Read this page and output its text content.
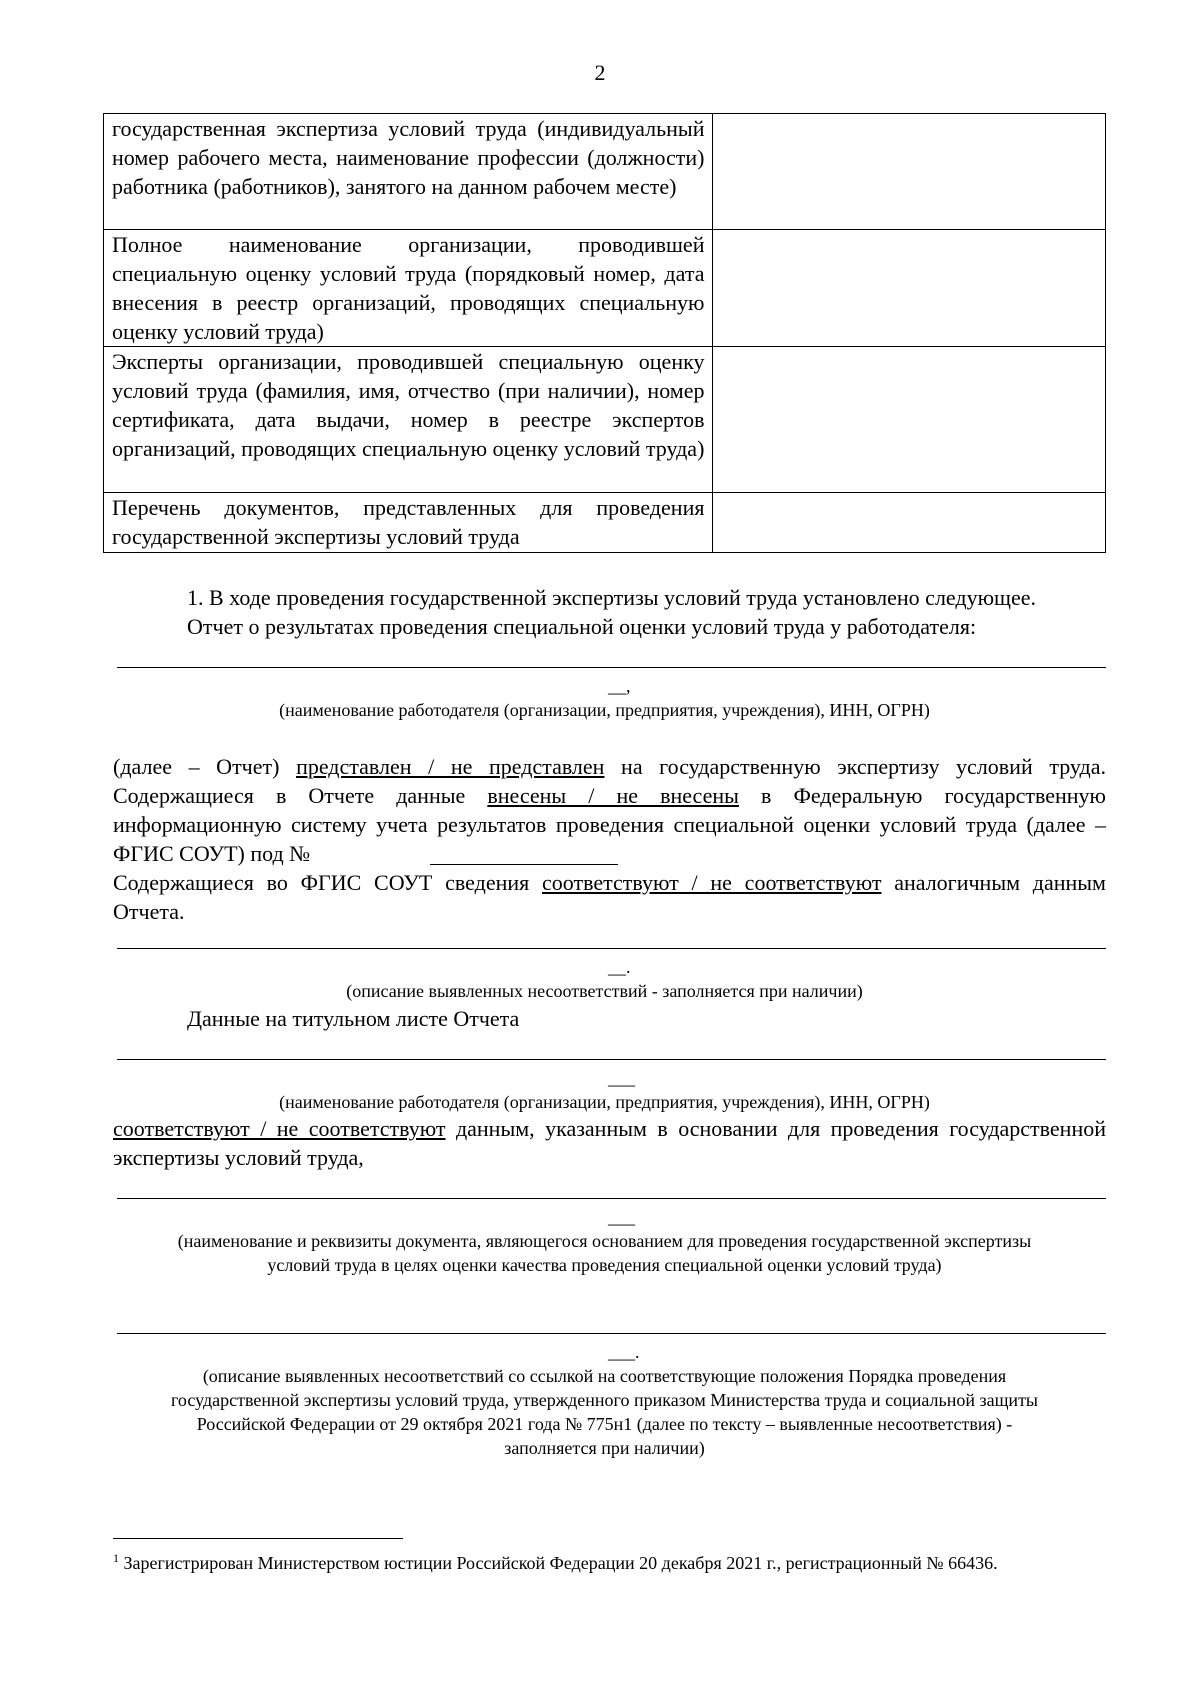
2
государственная экспертиза условий труда (индивидуальный номер рабочего места, наименование профессии (должности) работника (работников), занятого на данном рабочем месте)	
Полное наименование организации, проводившей специальную оценку условий труда (порядковый номер, дата внесения в реестр организаций, проводящих специальную оценку условий труда)	
Эксперты организации, проводившей специальную оценку условий труда (фамилия, имя, отчество (при наличии), номер сертификата, дата выдачи, номер в реестре экспертов организаций, проводящих специальную оценку условий труда)	
Перечень документов, представленных для проведения государственной экспертизы условий труда	
1. В ходе проведения государственной экспертизы условий труда установлено следующее.
Отчет о результатах проведения специальной оценки условий труда у работодателя:
__,
(наименование работодателя (организации, предприятия, учреждения), ИНН, ОГРН)
(далее – Отчет) представлен / не представлен на государственную экспертизу условий труда. Содержащиеся в Отчете данные внесены / не внесены в Федеральную государственную информационную систему учета результатов проведения специальной оценки условий труда (далее – ФГИС СОУТ) под №
Содержащиеся во ФГИС СОУТ сведения соответствуют / не соответствуют аналогичным данным Отчета.
__.
(описание выявленных несоответствий - заполняется при наличии)
Данные на титульном листе Отчета
___
(наименование работодателя (организации, предприятия, учреждения), ИНН, ОГРН)
соответствуют / не соответствуют данным, указанным в основании для проведения государственной экспертизы условий труда,
___
(наименование и реквизиты документа, являющегося основанием для проведения государственной экспертизы
условий труда в целях оценки качества проведения специальной оценки условий труда)
___.
(описание выявленных несоответствий со ссылкой на соответствующие положения Порядка проведения
государственной экспертизы условий труда, утвержденного приказом Министерства труда и социальной защиты
Российской Федерации от 29 октября 2021 года № 775н1 (далее по тексту – выявленные несоответствия) -
заполняется при наличии)
$^1$ Зарегистрирован Министерством юстиции Российской Федерации 20 декабря 2021 г., регистрационный № 66436.
